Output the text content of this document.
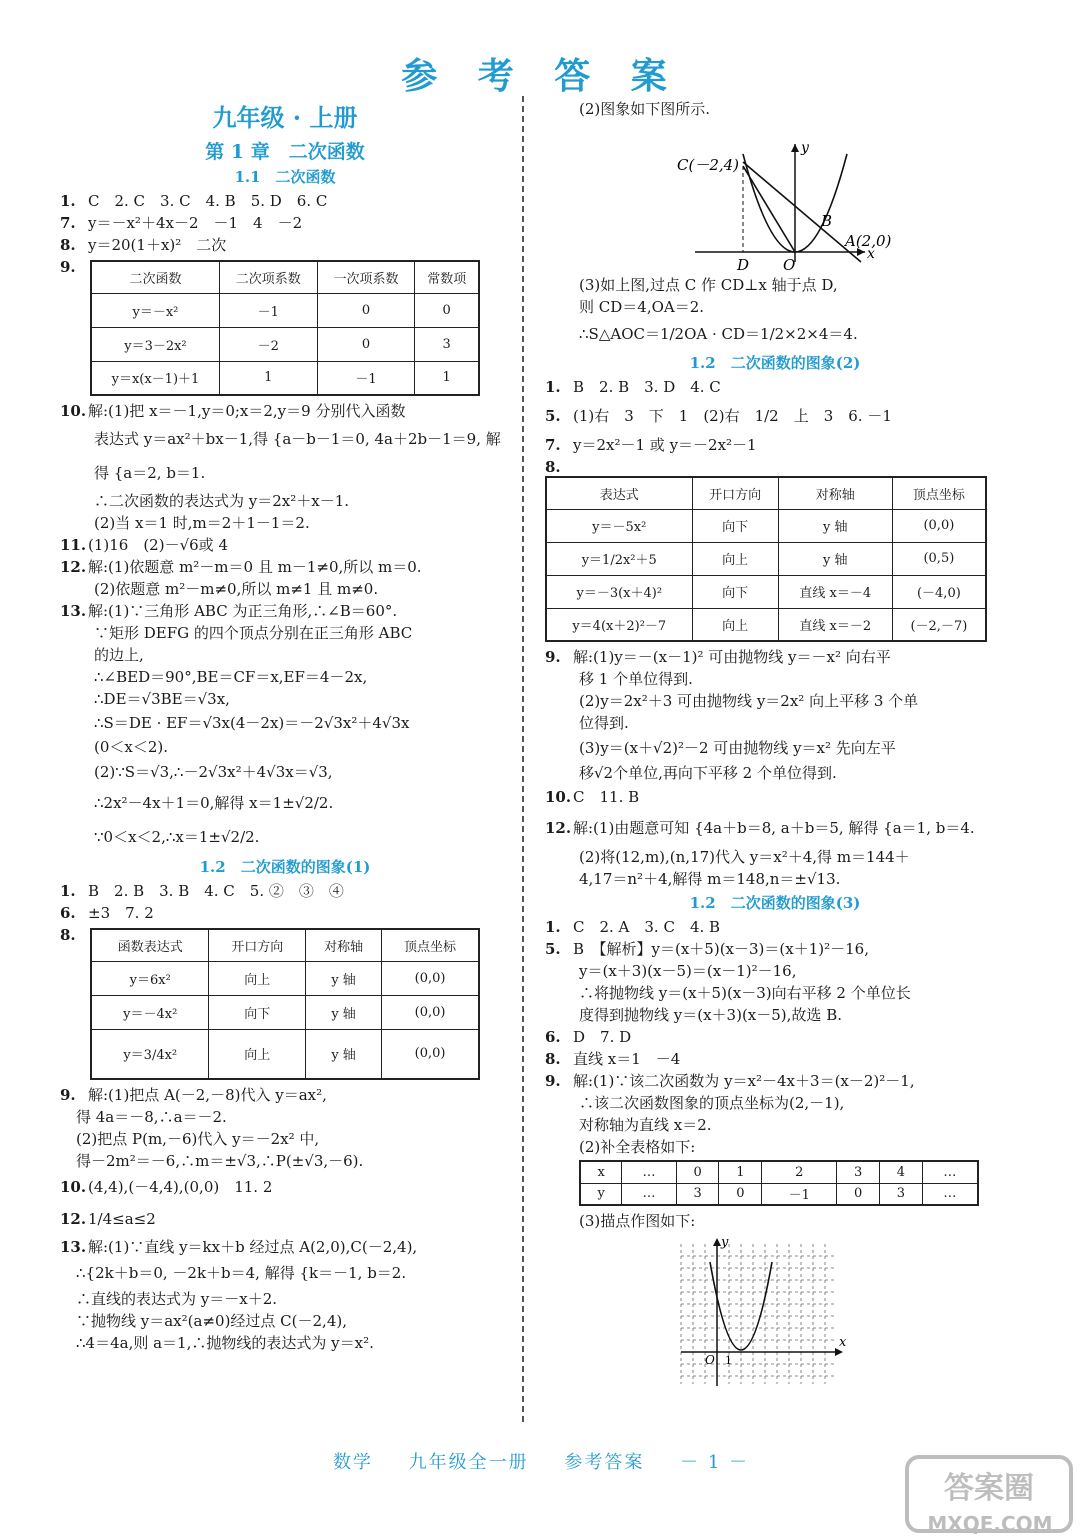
参 考 答 案
九年级 · 上册
第 1 章　二次函数
1.1　二次函数
1. C　2. C　3. C　4. B　5. D　6. C
7. y＝－x²＋4x－2　－1　4　－2
8. y＝20(1＋x)²　二次
9.
二次函数	二次项系数	一次项系数	常数项
y＝－x²	－1	0	0
y＝3－2x²	－2	0	3
y＝x(x－1)＋1	1	－1	1
10. 解:(1)把 x＝－1,y＝0;x＝2,y＝9 分别代入函数
表达式 y＝ax²＋bx－1,得 {a－b－1＝0, 4a＋2b－1＝9, 解
得 {a＝2, b＝1.
∴二次函数的表达式为 y＝2x²＋x－1.
(2)当 x＝1 时,m＝2＋1－1＝2.
11. (1)16　(2)－√6或 4
12. 解:(1)依题意 m²－m＝0 且 m－1≠0,所以 m＝0.
(2)依题意 m²－m≠0,所以 m≠1 且 m≠0.
13. 解:(1)∵三角形 ABC 为正三角形,∴∠B＝60°.
∵矩形 DEFG 的四个顶点分别在正三角形 ABC
的边上,
∴∠BED＝90°,BE＝CF＝x,EF＝4－2x,
∴DE＝√3BE＝√3x,
∴S＝DE · EF＝√3x(4－2x)＝－2√3x²＋4√3x
(0＜x＜2).
(2)∵S＝√3,∴－2√3x²＋4√3x＝√3,
∴2x²－4x＋1＝0,解得 x＝1±√2/2.
∵0＜x＜2,∴x＝1±√2/2.
1.2　二次函数的图象(1)
1. B　2. B　3. B　4. C　5. ②　③　④
6. ±3　7. 2
8.
函数表达式	开口方向	对称轴	顶点坐标
y＝6x²	向上	y 轴	(0,0)
y＝－4x²	向下	y 轴	(0,0)
y＝3/4x²	向上	y 轴	(0,0)
9. 解:(1)把点 A(－2,－8)代入 y＝ax²,
得 4a＝－8,∴a＝－2.
(2)把点 P(m,－6)代入 y＝－2x² 中,
得－2m²＝－6,∴m＝±√3,∴P(±√3,－6).
10. (4,4),(－4,4),(0,0)　11. 2
12. 1/4≤a≤2
13. 解:(1)∵直线 y＝kx＋b 经过点 A(2,0),C(－2,4),
∴{2k＋b＝0, －2k＋b＝4, 解得 {k＝－1, b＝2.
∴直线的表达式为 y＝－x＋2.
∵抛物线 y＝ax²(a≠0)经过点 C(－2,4),
∴4＝4a,则 a＝1,∴抛物线的表达式为 y＝x².
(2)图象如下图所示.
C(－2,4)
B
A(2,0)
D O
x
y
(3)如上图,过点 C 作 CD⊥x 轴于点 D,
则 CD＝4,OA＝2.
∴S△AOC＝1/2OA · CD＝1/2×2×4＝4.
1.2　二次函数的图象(2)
1. B　2. B　3. D　4. C
5. (1)右　3　下　1　(2)右　1/2　上　3　6. －1
7. y＝2x²－1 或 y＝－2x²－1
8.
表达式	开口方向	对称轴	顶点坐标
y＝－5x²	向下	y 轴	(0,0)
y＝1/2x²＋5	向上	y 轴	(0,5)
y＝－3(x＋4)²	向下	直线 x＝－4	(－4,0)
y＝4(x＋2)²－7	向上	直线 x＝－2	(－2,－7)
9. 解:(1)y＝－(x－1)² 可由抛物线 y＝－x² 向右平
移 1 个单位得到.
(2)y＝2x²＋3 可由抛物线 y＝2x² 向上平移 3 个单
位得到.
(3)y＝(x＋√2)²－2 可由抛物线 y＝x² 先向左平
移√2个单位,再向下平移 2 个单位得到.
10. C　11. B
12. 解:(1)由题意可知 {4a＋b＝8, a＋b＝5, 解得 {a＝1, b＝4.
(2)将(12,m),(n,17)代入 y＝x²＋4,得 m＝144＋
4,17＝n²＋4,解得 m＝148,n＝±√13.
1.2　二次函数的图象(3)
1. C　2. A　3. C　4. B
5. B　【解析】y＝(x＋5)(x－3)＝(x＋1)²－16,
y＝(x＋3)(x－5)＝(x－1)²－16,
∴将抛物线 y＝(x＋5)(x－3)向右平移 2 个单位长
度得到抛物线 y＝(x＋3)(x－5),故选 B.
6. D　7. D
8. 直线 x＝1　－4
9. 解:(1)∵该二次函数为 y＝x²－4x＋3＝(x－2)²－1,
∴该二次函数图象的顶点坐标为(2,－1),
对称轴为直线 x＝2.
(2)补全表格如下:
x	…	0	1	2	3	4	…
y	…	3	0	－1	0	3	…
(3)描点作图如下:
O 1
x
y
数学 九年级全一册 参考答案 － 1 －
答案圈
MXQE.COM
